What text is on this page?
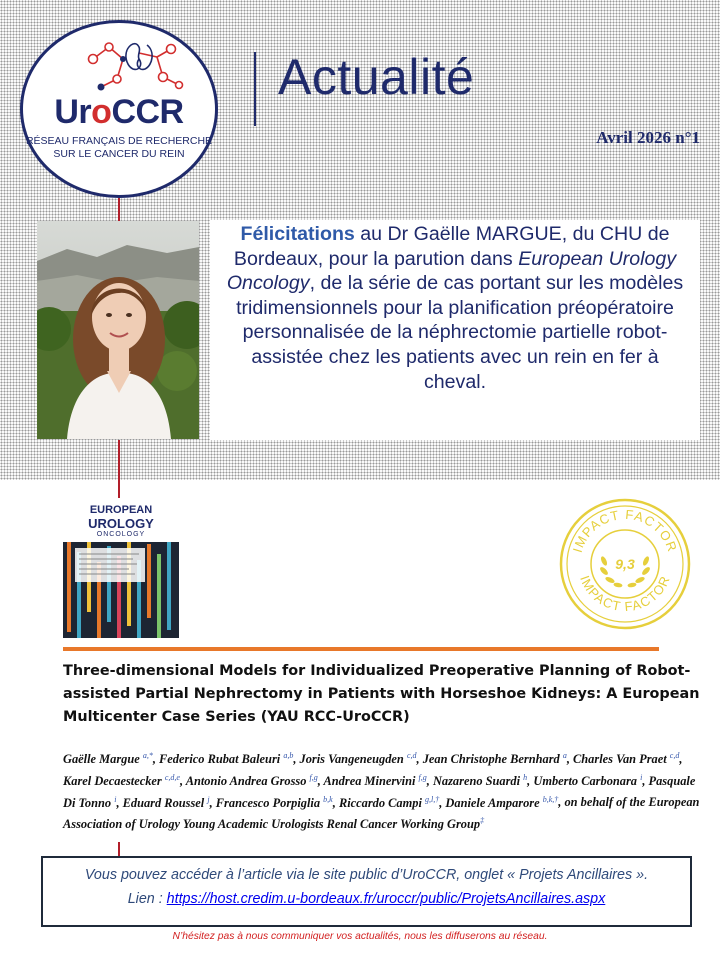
UroCCR
RÉSEAU FRANÇAIS DE RECHERCHE
SUR LE CANCER DU REIN
Actualité
Avril 2026 n°1

Félicitations au Dr Gaëlle MARGUE, du CHU de Bordeaux, pour la parution dans European Urology Oncology, de la série de cas portant sur les modèles tridimensionnels pour la planification préopératoire personnalisée de la néphrectomie partielle robot-assistée chez les patients avec un rein en fer à cheval.

EUROPEAN
UROLOGY
ONCOLOGY
IMPACT FACTOR
IMPACT FACTOR
9,3
Three-dimensional Models for Individualized Preoperative Planning of Robot-assisted Partial Nephrectomy in Patients with Horseshoe Kidneys: A European Multicenter Case Series (YAU RCC-UroCCR)
Gaëlle Margue $^{a,*}$, Federico Rubat Baleuri $^{a,b}$, Joris Vangeneugden $^{c,d}$, Jean Christophe Bernhard $^a$, Charles Van Praet $^{c,d}$, Karel Decaestecker $^{c,d,e}$, Antonio Andrea Grosso $^{f,g}$, Andrea Minervini $^{f,g}$, Nazareno Suardi $^h$, Umberto Carbonara $^i$, Pasquale Di Tonno $^i$, Eduard Roussel $^j$, Francesco Porpiglia $^{b,k}$, Riccardo Campi $^{g,l,\dagger}$, Daniele Amparore $^{b,k,\dagger}$, on behalf of the European Association of Urology Young Academic Urologists Renal Cancer Working Group‡

Vous pouvez accéder à l’article via le site public d’UroCCR, onglet « Projets Ancillaires ».

Lien : https://host.credim.u-bordeaux.fr/uroccr/public/ProjetsAncillaires.aspx

N’hésitez pas à nous communiquer vos actualités, nous les diffuserons au réseau.
